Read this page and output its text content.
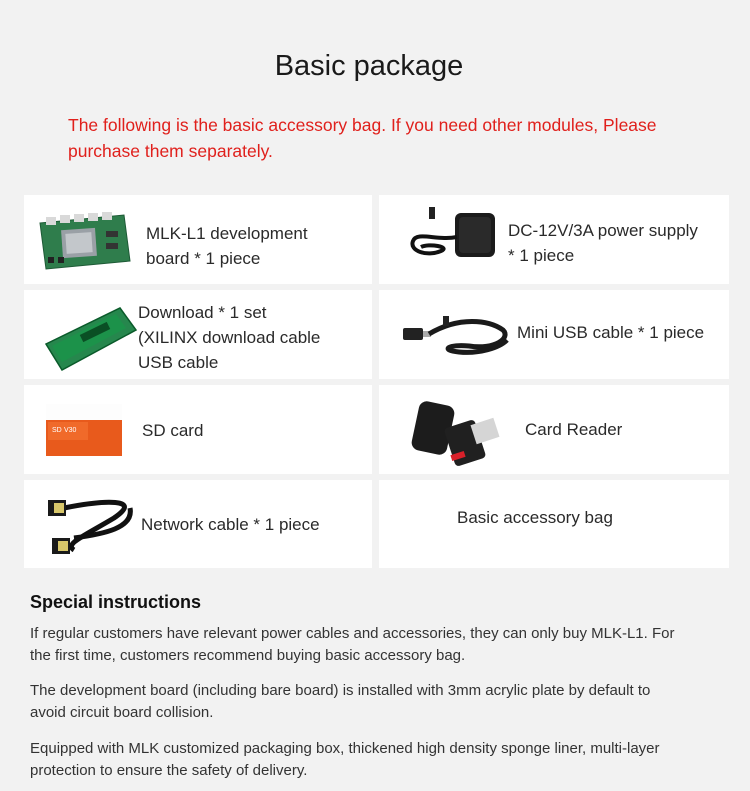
Basic package
The following is the basic accessory bag. If you need other modules, Please purchase them separately.
MLK-L1 development
board * 1 piece
DC-12V/3A power supply
* 1 piece
Download * 1 set
(XILINX download cable
USB cable
Mini USB cable * 1 piece
SD V30	SD card	Card Reader
Network cable * 1 piece	Basic accessory bag
Special instructions
If regular customers have relevant power cables and accessories, they can only buy MLK-L1. For the first time, customers recommend buying basic accessory bag.
The development board (including bare board) is installed with 3mm acrylic plate by default to avoid circuit board collision.
Equipped with MLK customized packaging box, thickened high density sponge liner, multi-layer protection to ensure the safety of delivery.
